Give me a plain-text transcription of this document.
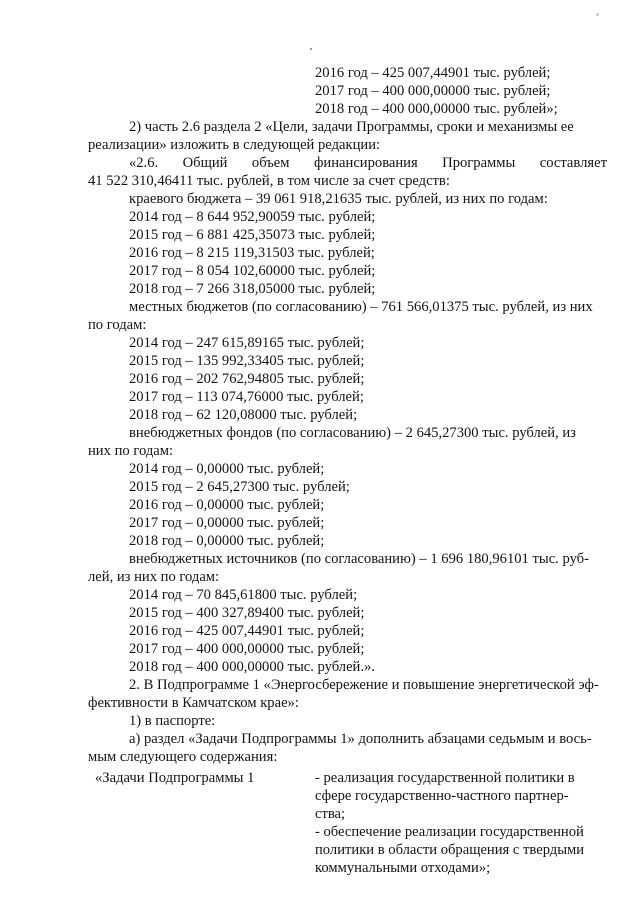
2016 год – 425 007,44901 тыс. рублей;
2017 год – 400 000,00000 тыс. рублей;
2018 год – 400 000,00000 тыс. рублей»;
2) часть 2.6 раздела 2 «Цели, задачи Программы, сроки и механизмы ее
реализации» изложить в следующей редакции:
«2.6. Общий объем финансирования Программы составляет
41 522 310,46411 тыс. рублей, в том числе за счет средств:
краевого бюджета – 39 061 918,21635 тыс. рублей, из них по годам:
2014 год – 8 644 952,90059 тыс. рублей;
2015 год – 6 881 425,35073 тыс. рублей;
2016 год – 8 215 119,31503 тыс. рублей;
2017 год – 8 054 102,60000 тыс. рублей;
2018 год – 7 266 318,05000 тыс. рублей;
местных бюджетов (по согласованию) – 761 566,01375 тыс. рублей, из них
по годам:
2014 год – 247 615,89165 тыс. рублей;
2015 год – 135 992,33405 тыс. рублей;
2016 год – 202 762,94805 тыс. рублей;
2017 год – 113 074,76000 тыс. рублей;
2018 год – 62 120,08000 тыс. рублей;
внебюджетных фондов (по согласованию) – 2 645,27300 тыс. рублей, из
них по годам:
2014 год – 0,00000 тыс. рублей;
2015 год – 2 645,27300 тыс. рублей;
2016 год – 0,00000 тыс. рублей;
2017 год – 0,00000 тыс. рублей;
2018 год – 0,00000 тыс. рублей;
внебюджетных источников (по согласованию) – 1 696 180,96101 тыс. руб-
лей, из них по годам:
2014 год – 70 845,61800 тыс. рублей;
2015 год – 400 327,89400 тыс. рублей;
2016 год – 425 007,44901 тыс. рублей;
2017 год – 400 000,00000 тыс. рублей;
2018 год – 400 000,00000 тыс. рублей.».
2. В Подпрограмме 1 «Энергосбережение и повышение энергетической эф-
фективности в Камчатском крае»:
1) в паспорте:
а) раздел «Задачи Подпрограммы 1» дополнить абзацами седьмым и вось-
мым следующего содержания:
«Задачи Подпрограммы 1	- реализация государственной политики в
сфере государственно-частного партнер-
ства;
- обеспечение реализации государственной
политики в области обращения с твердыми
коммунальными отходами»;
